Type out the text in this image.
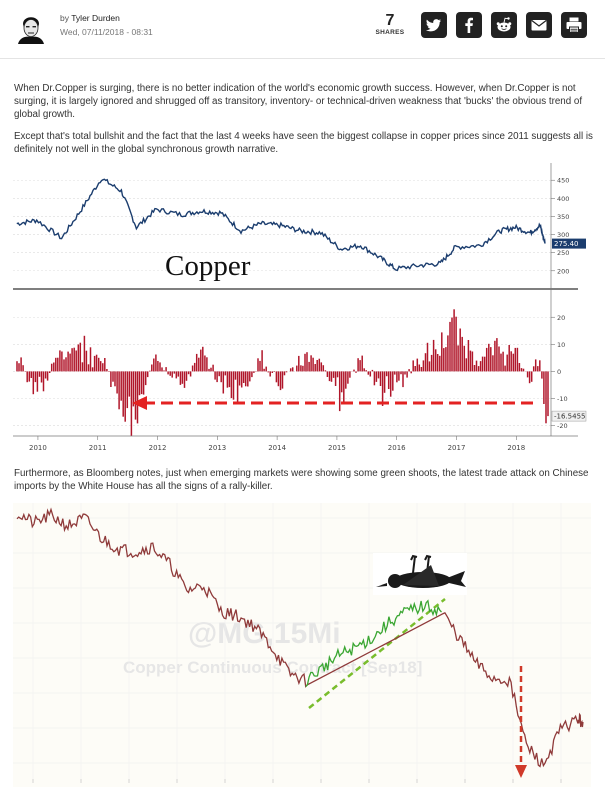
by Tyler Durden
Wed, 07/11/2018 - 08:31
7
SHARES

When Dr.Copper is surging, there is no better indication of the world's economic growth success. However, when Dr.Copper is not surging, it is largely ignored and shrugged off as transitory, inventory- or technical-driven weakness that 'bucks' the obvious trend of global growth.

Except that's total bullshit and the fact that the last 4 weeks have seen the biggest collapse in copper prices since 2011 suggests all is definitely not well in the global synchronous growth narrative.

Copper	200
250
300
350
400
450
-20
-10
0
10
20
2010	2011	2012	2013	2014	2015	2016	2017	2018
275.40
-16.5455

Furthermore, as Bloomberg notes, just when emerging markets were showing some green shoots, the latest trade attack on Chinese imports by the White House has all the signs of a rally-killer.

@MG,15Mi
Copper Continuous Contract [Sep18]
